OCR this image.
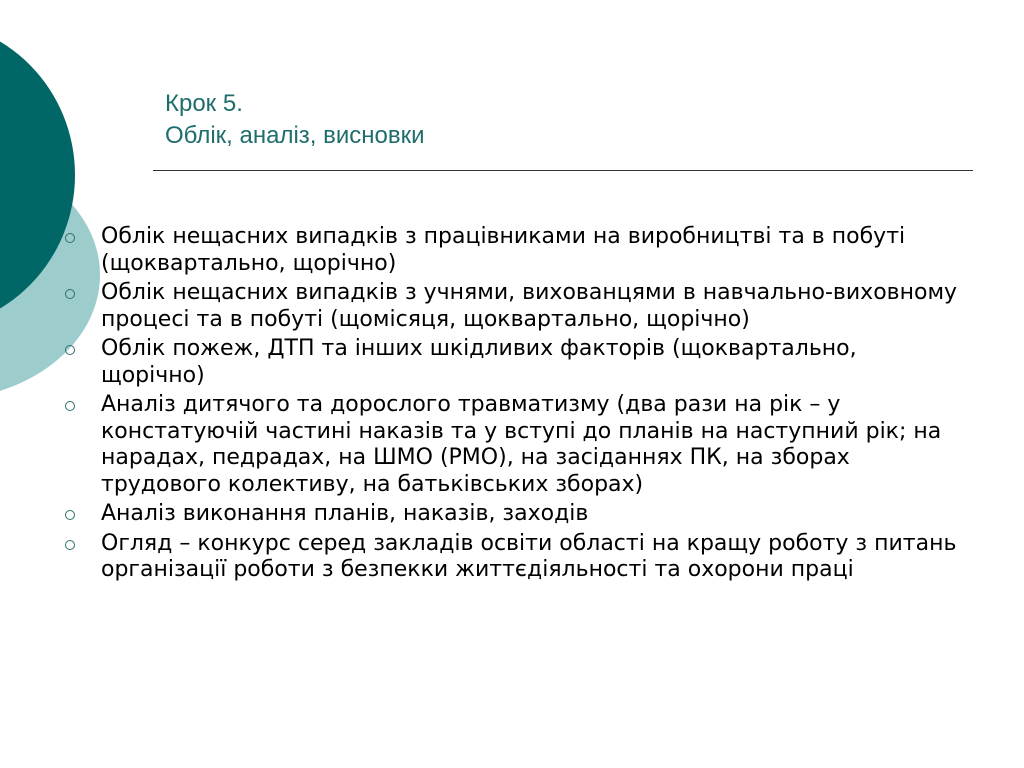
Крок 5.
Облік, аналіз, висновки
Облік нещасних випадків з працівниками на виробництві та в побуті (щоквартально, щорічно)
Облік нещасних випадків з учнями, вихованцями в навчально-виховному процесі та в побуті (щомісяця, щоквартально, щорічно)
Облік пожеж, ДТП та інших шкідливих факторів (щоквартально, щорічно)
Аналіз дитячого та дорослого травматизму (два рази на рік – у констатуючій частині наказів та у вступі до планів на наступний рік; на нарадах, педрадах, на ШМО (РМО), на засіданнях ПК, на зборах трудового колективу, на батьківських зборах)
Аналіз виконання планів, наказів, заходів
Огляд – конкурс серед закладів освіти області на кращу роботу з питань організації роботи з безпекки життєдіяльності та охорони праці
